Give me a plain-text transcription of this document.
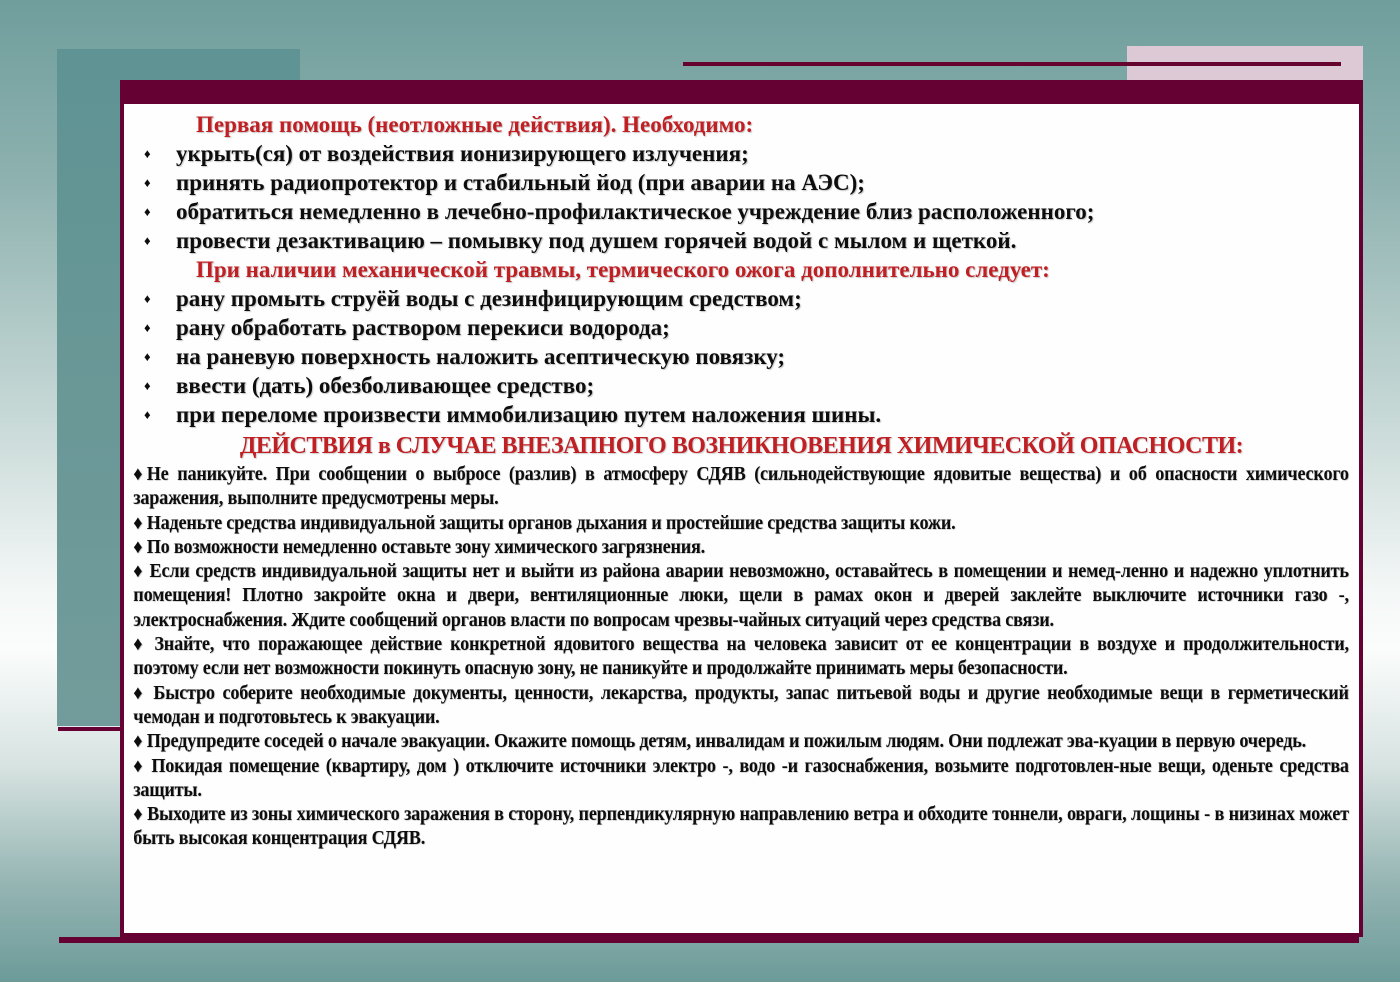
Первая помощь (неотложные действия). Необходимо:
♦	укрыть(ся) от воздействия ионизирующего излучения;
♦	принять радиопротектор и стабильный йод (при аварии на АЭС);
♦	обратиться немедленно в лечебно-профилактическое учреждение близ расположенного;
♦	провести дезактивацию – помывку под душем горячей водой с мылом и щеткой.
При наличии механической травмы, термического ожога дополнительно следует:
♦	рану промыть струёй воды с дезинфицирующим средством;
♦	рану обработать раствором перекиси водорода;
♦	на раневую поверхность наложить асептическую повязку;
♦	ввести (дать) обезболивающее средство;
♦	при переломе произвести иммобилизацию путем наложения шины.
ДЕЙСТВИЯ в СЛУЧАЕ ВНЕЗАПНОГО ВОЗНИКНОВЕНИЯ ХИМИЧЕСКОЙ ОПАСНОСТИ:

♦Не паникуйте. При сообщении о выбросе (разлив) в атмосферу СДЯВ (сильнодействующие ядовитые вещества) и об опасности химического заражения, выполните предусмотрены меры.

♦ Наденьте средства индивидуальной защиты органов дыхания и простейшие средства защиты кожи.

♦ По возможности немедленно оставьте зону химического загрязнения.

♦ Если средств индивидуальной защиты нет и выйти из района аварии невозможно, оставайтесь в помещении и немед-ленно и надежно уплотнить помещения! Плотно закройте окна и двери, вентиляционные люки, щели в рамах окон и дверей заклейте выключите источники газо -, электроснабжения. Ждите сообщений органов власти по вопросам чрезвы-чайных ситуаций через средства связи.

♦ Знайте, что поражающее действие конкретной ядовитого вещества на человека зависит от ее концентрации в воздухе и продолжительности, поэтому если нет возможности покинуть опасную зону, не паникуйте и продолжайте принимать меры безопасности.

♦ Быстро соберите необходимые документы, ценности, лекарства, продукты, запас питьевой воды и другие необходимые вещи в герметический чемодан и подготовьтесь к эвакуации.

♦ Предупредите соседей о начале эвакуации. Окажите помощь детям, инвалидам и пожилым людям. Они подлежат эва-куации в первую очередь.

♦ Покидая помещение (квартиру, дом ) отключите источники электро -, водо -и газоснабжения, возьмите подготовлен-ные вещи, оденьте средства защиты.

♦ Выходите из зоны химического заражения в сторону, перпендикулярную направлению ветра и обходите тоннели, овраги, лощины - в низинах может быть высокая концентрация СДЯВ.
